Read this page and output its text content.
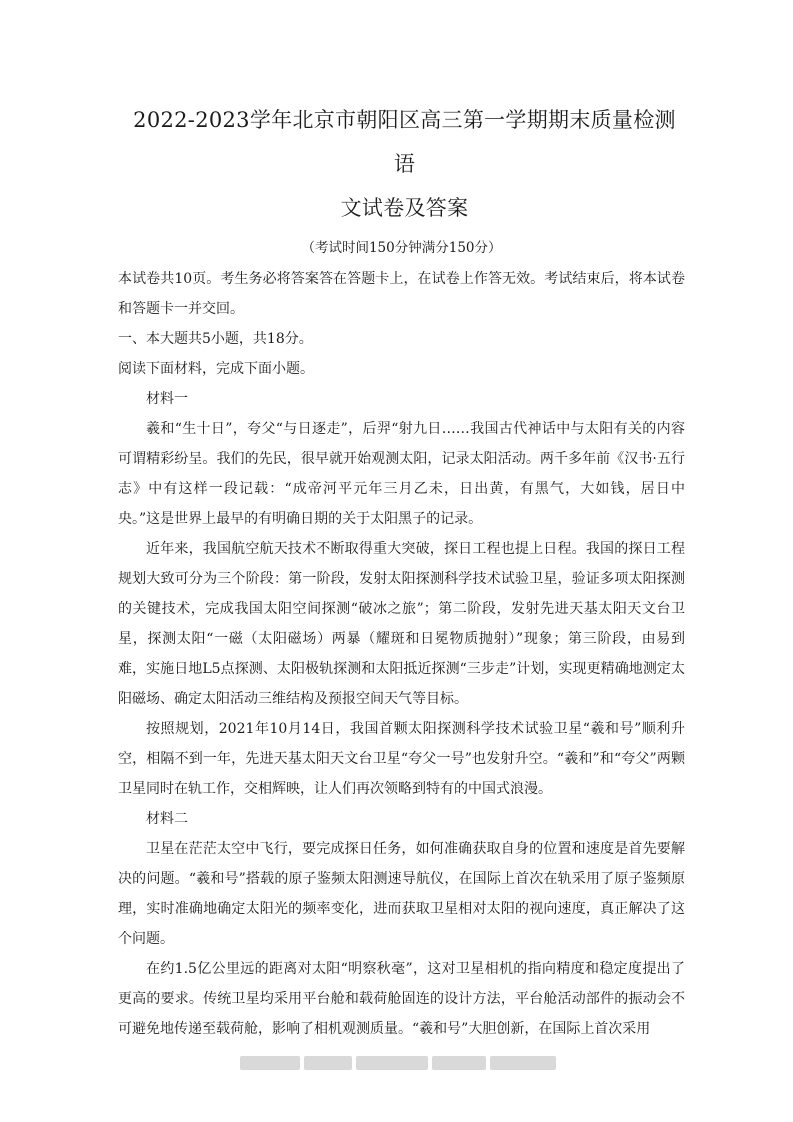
2022-2023学年北京市朝阳区高三第一学期期末质量检测语
文试卷及答案

（考试时间150分钟满分150分）

本试卷共10页。考生务必将答案答在答题卡上，在试卷上作答无效。考试结束后，将本试卷和答题卡一并交回。

一、本大题共5小题，共18分。

阅读下面材料，完成下面小题。

材料一

羲和“生十日”，夸父“与日逐走”，后羿“射九日……我国古代神话中与太阳有关的内容可谓精彩纷呈。我们的先民，很早就开始观测太阳，记录太阳活动。两千多年前《汉书·五行志》中有这样一段记载：“成帝河平元年三月乙未，日出黄，有黑气，大如钱，居日中央。”这是世界上最早的有明确日期的关于太阳黑子的记录。

近年来，我国航空航天技术不断取得重大突破，探日工程也提上日程。我国的探日工程规划大致可分为三个阶段：第一阶段，发射太阳探测科学技术试验卫星，验证多项太阳探测的关键技术，完成我国太阳空间探测“破冰之旅”；第二阶段，发射先进天基太阳天文台卫星，探测太阳“一磁（太阳磁场）两暴（耀斑和日冕物质抛射）”现象；第三阶段，由易到难，实施日地L5点探测、太阳极轨探测和太阳抵近探测“三步走”计划，实现更精确地测定太阳磁场、确定太阳活动三维结构及预报空间天气等目标。

按照规划，2021年10月14日，我国首颗太阳探测科学技术试验卫星“羲和号”顺利升空，相隔不到一年，先进天基太阳天文台卫星“夸父一号”也发射升空。“羲和”和“夸父”两颗卫星同时在轨工作，交相辉映，让人们再次领略到特有的中国式浪漫。

材料二

卫星在茫茫太空中飞行，要完成探日任务，如何准确获取自身的位置和速度是首先要解决的问题。“羲和号”搭载的原子鉴频太阳测速导航仪，在国际上首次在轨采用了原子鉴频原理，实时准确地确定太阳光的频率变化，进而获取卫星相对太阳的视向速度，真正解决了这个问题。

在约1.5亿公里远的距离对太阳“明察秋毫”，这对卫星相机的指向精度和稳定度提出了更高的要求。传统卫星均采用平台舱和载荷舱固连的设计方法，平台舱活动部件的振动会不可避免地传递至载荷舱，影响了相机观测质量。“羲和号”大胆创新，在国际上首次采用
